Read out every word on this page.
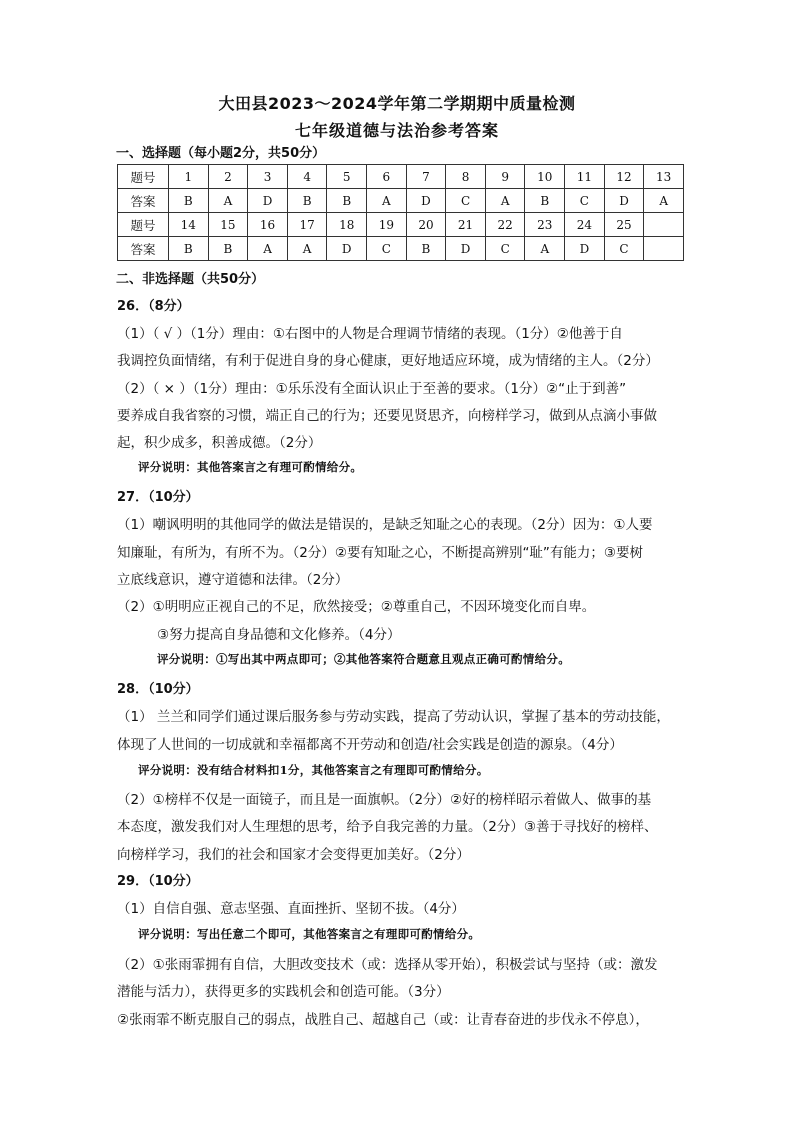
大田县2023～2024学年第二学期期中质量检测
七年级道德与法治参考答案
一、选择题（每小题2分，共50分）
题号	1	2	3	4	5	6	7	8	9	10	11	12	13
答案	B	A	D	B	B	A	D	C	A	B	C	D	A
题号	14	15	16	17	18	19	20	21	22	23	24	25	
答案	B	B	A	A	D	C	B	D	C	A	D	C	
二、非选择题（共50分）
26．（8分）
（1）（ √ ）（1分）理由：①右图中的人物是合理调节情绪的表现。（1分）②他善于自
我调控负面情绪，有利于促进自身的身心健康，更好地适应环境，成为情绪的主人。（2分）
（2）（ × ）（1分）理由：①乐乐没有全面认识止于至善的要求。（1分）②“止于到善”
要养成自我省察的习惯，端正自己的行为；还要见贤思齐，向榜样学习，做到从点滴小事做
起，积少成多，积善成德。（2分）
评分说明：其他答案言之有理可酌情给分。
27．（10分）
（1）嘲讽明明的其他同学的做法是错误的，是缺乏知耻之心的表现。（2分）因为：①人要
知廉耻，有所为，有所不为。（2分）②要有知耻之心，不断提高辨别“耻”有能力；③要树
立底线意识，遵守道德和法律。（2分）
（2）①明明应正视自己的不足，欣然接受；②尊重自己，不因环境变化而自卑。
③努力提高自身品德和文化修养。（4分）
评分说明：①写出其中两点即可；②其他答案符合题意且观点正确可酌情给分。
28．（10分）
（1） 兰兰和同学们通过课后服务参与劳动实践，提高了劳动认识，掌握了基本的劳动技能，
体现了人世间的一切成就和幸福都离不开劳动和创造/社会实践是创造的源泉。（4分）
评分说明：没有结合材料扣1分，其他答案言之有理即可酌情给分。
（2）①榜样不仅是一面镜子，而且是一面旗帜。（2分）②好的榜样昭示着做人、做事的基
本态度，激发我们对人生理想的思考，给予自我完善的力量。（2分）③善于寻找好的榜样、
向榜样学习，我们的社会和国家才会变得更加美好。（2分）
29．（10分）
（1）自信自强、意志坚强、直面挫折、坚韧不拔。（4分）
评分说明：写出任意二个即可，其他答案言之有理即可酌情给分。
（2）①张雨霏拥有自信，大胆改变技术（或：选择从零开始），积极尝试与坚持（或：激发
潜能与活力），获得更多的实践机会和创造可能。（3分）
②张雨霏不断克服自己的弱点，战胜自己、超越自己（或：让青春奋进的步伐永不停息），
